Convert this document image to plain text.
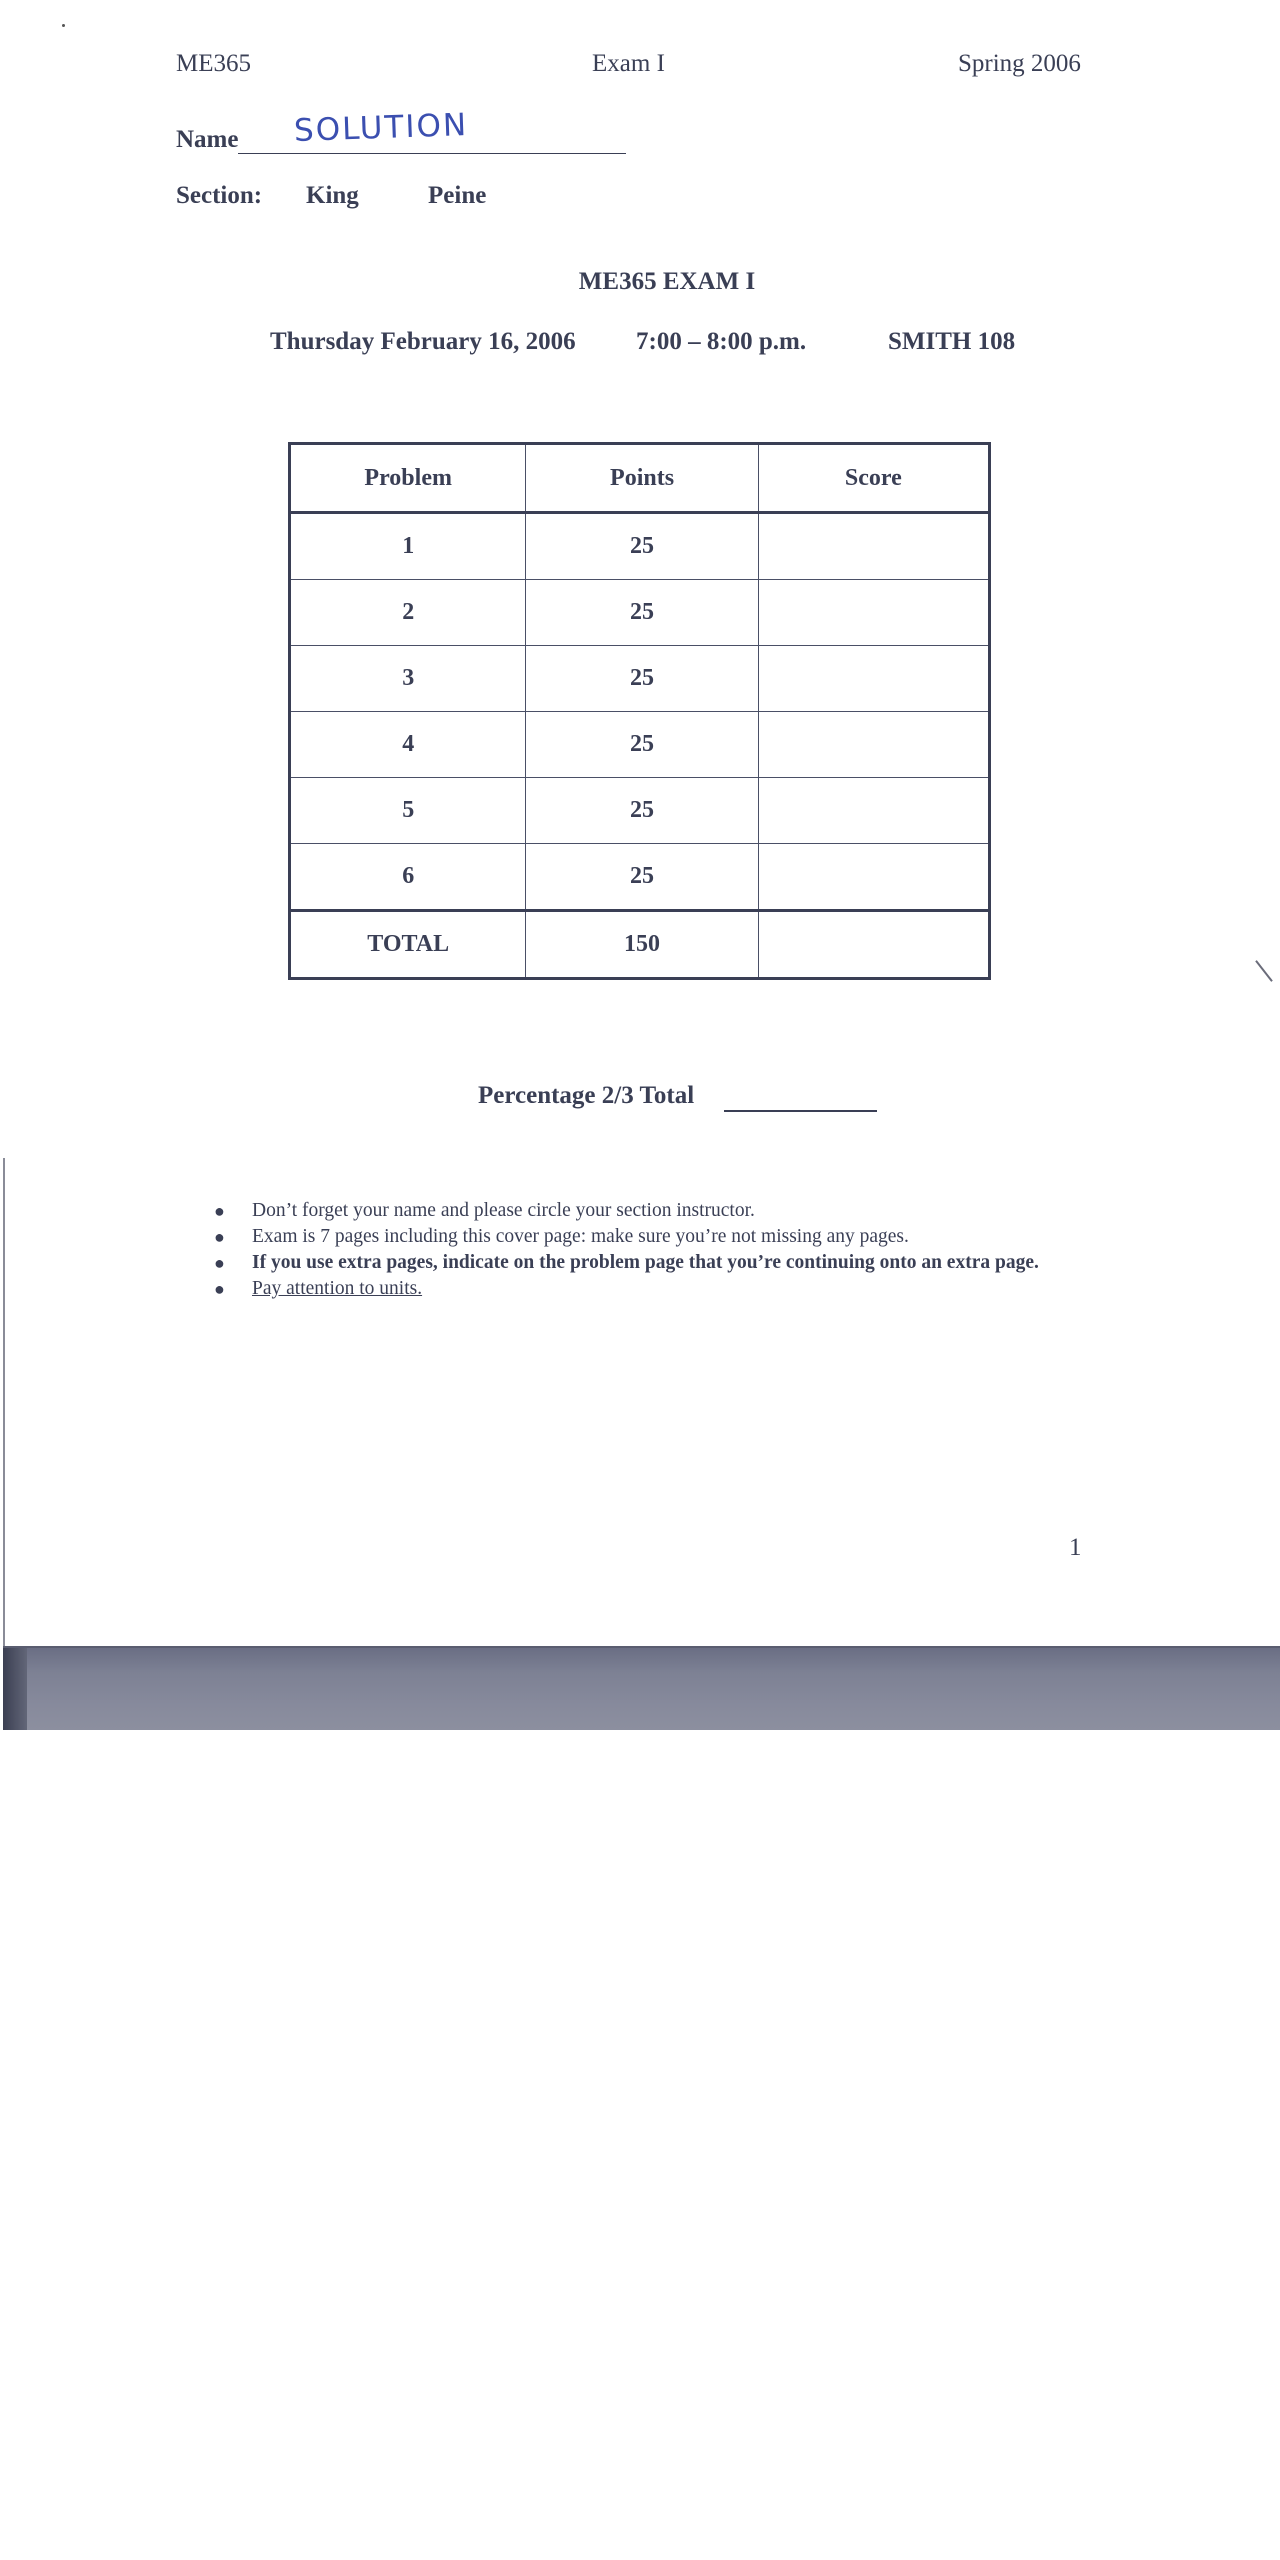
ME365	Exam I	Spring 2006
Name SOLUTION
Section: King	Peine
ME365 EXAM I
Thursday February 16, 2006 7:00 – 8:00 p.m.	SMITH 108
Problem	Points	Score
1	25	
2	25	
3	25	
4	25	
5	25	
6	25	
TOTAL	150	
Percentage 2/3 Total
● Don’t forget your name and please circle your section instructor.
● Exam is 7 pages including this cover page: make sure you’re not missing any pages.
● If you use extra pages, indicate on the problem page that you’re continuing onto an extra page.
● Pay attention to units.
1
